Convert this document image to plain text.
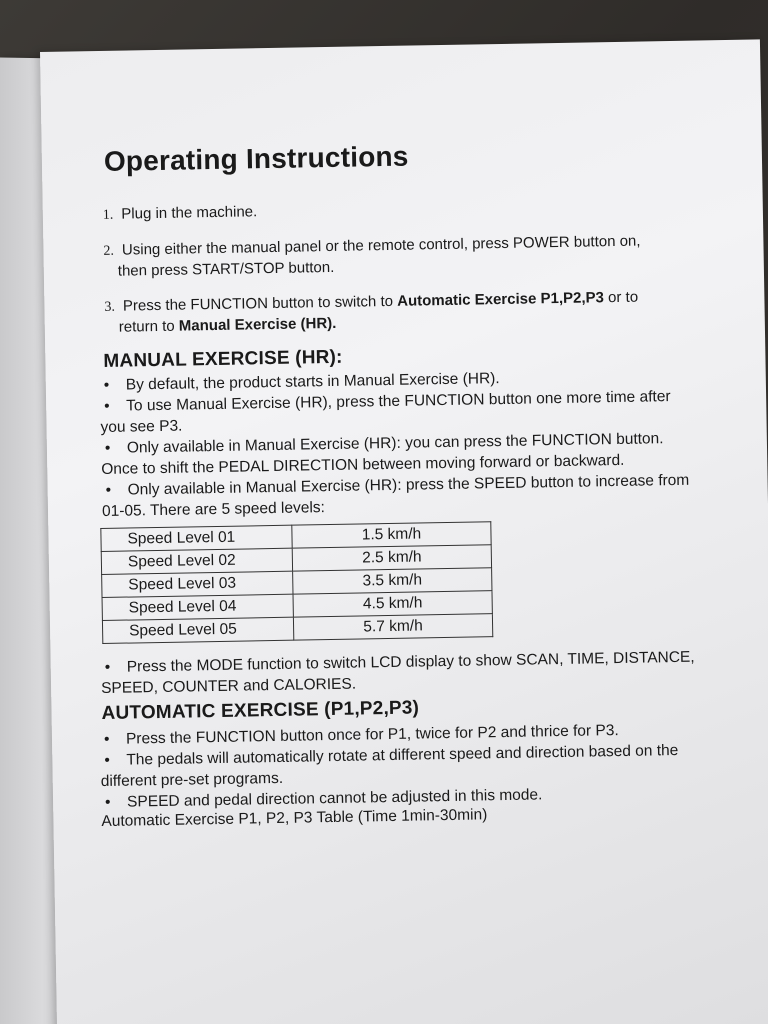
Operating Instructions
1. Plug in the machine.
2. Using either the manual panel or the remote control, press POWER button on,
then press START/STOP button.
3. Press the FUNCTION button to switch to Automatic Exercise P1,P2,P3 or to
return to Manual Exercise (HR).
MANUAL EXERCISE (HR):

• By default, the product starts in Manual Exercise (HR).

• To use Manual Exercise (HR), press the FUNCTION button one more time after

you see P3.

• Only available in Manual Exercise (HR): you can press the FUNCTION button.

Once to shift the PEDAL DIRECTION between moving forward or backward.

• Only available in Manual Exercise (HR): press the SPEED button to increase from

01-05. There are 5 speed levels:

Speed Level 01	1.5 km/h
Speed Level 02	2.5 km/h
Speed Level 03	3.5 km/h
Speed Level 04	4.5 km/h
Speed Level 05	5.7 km/h

• Press the MODE function to switch LCD display to show SCAN, TIME, DISTANCE,

SPEED, COUNTER and CALORIES.

AUTOMATIC EXERCISE (P1,P2,P3)

• Press the FUNCTION button once for P1, twice for P2 and thrice for P3.

• The pedals will automatically rotate at different speed and direction based on the

different pre-set programs.

• SPEED and pedal direction cannot be adjusted in this mode.

Automatic Exercise P1, P2, P3 Table (Time 1min-30min)
